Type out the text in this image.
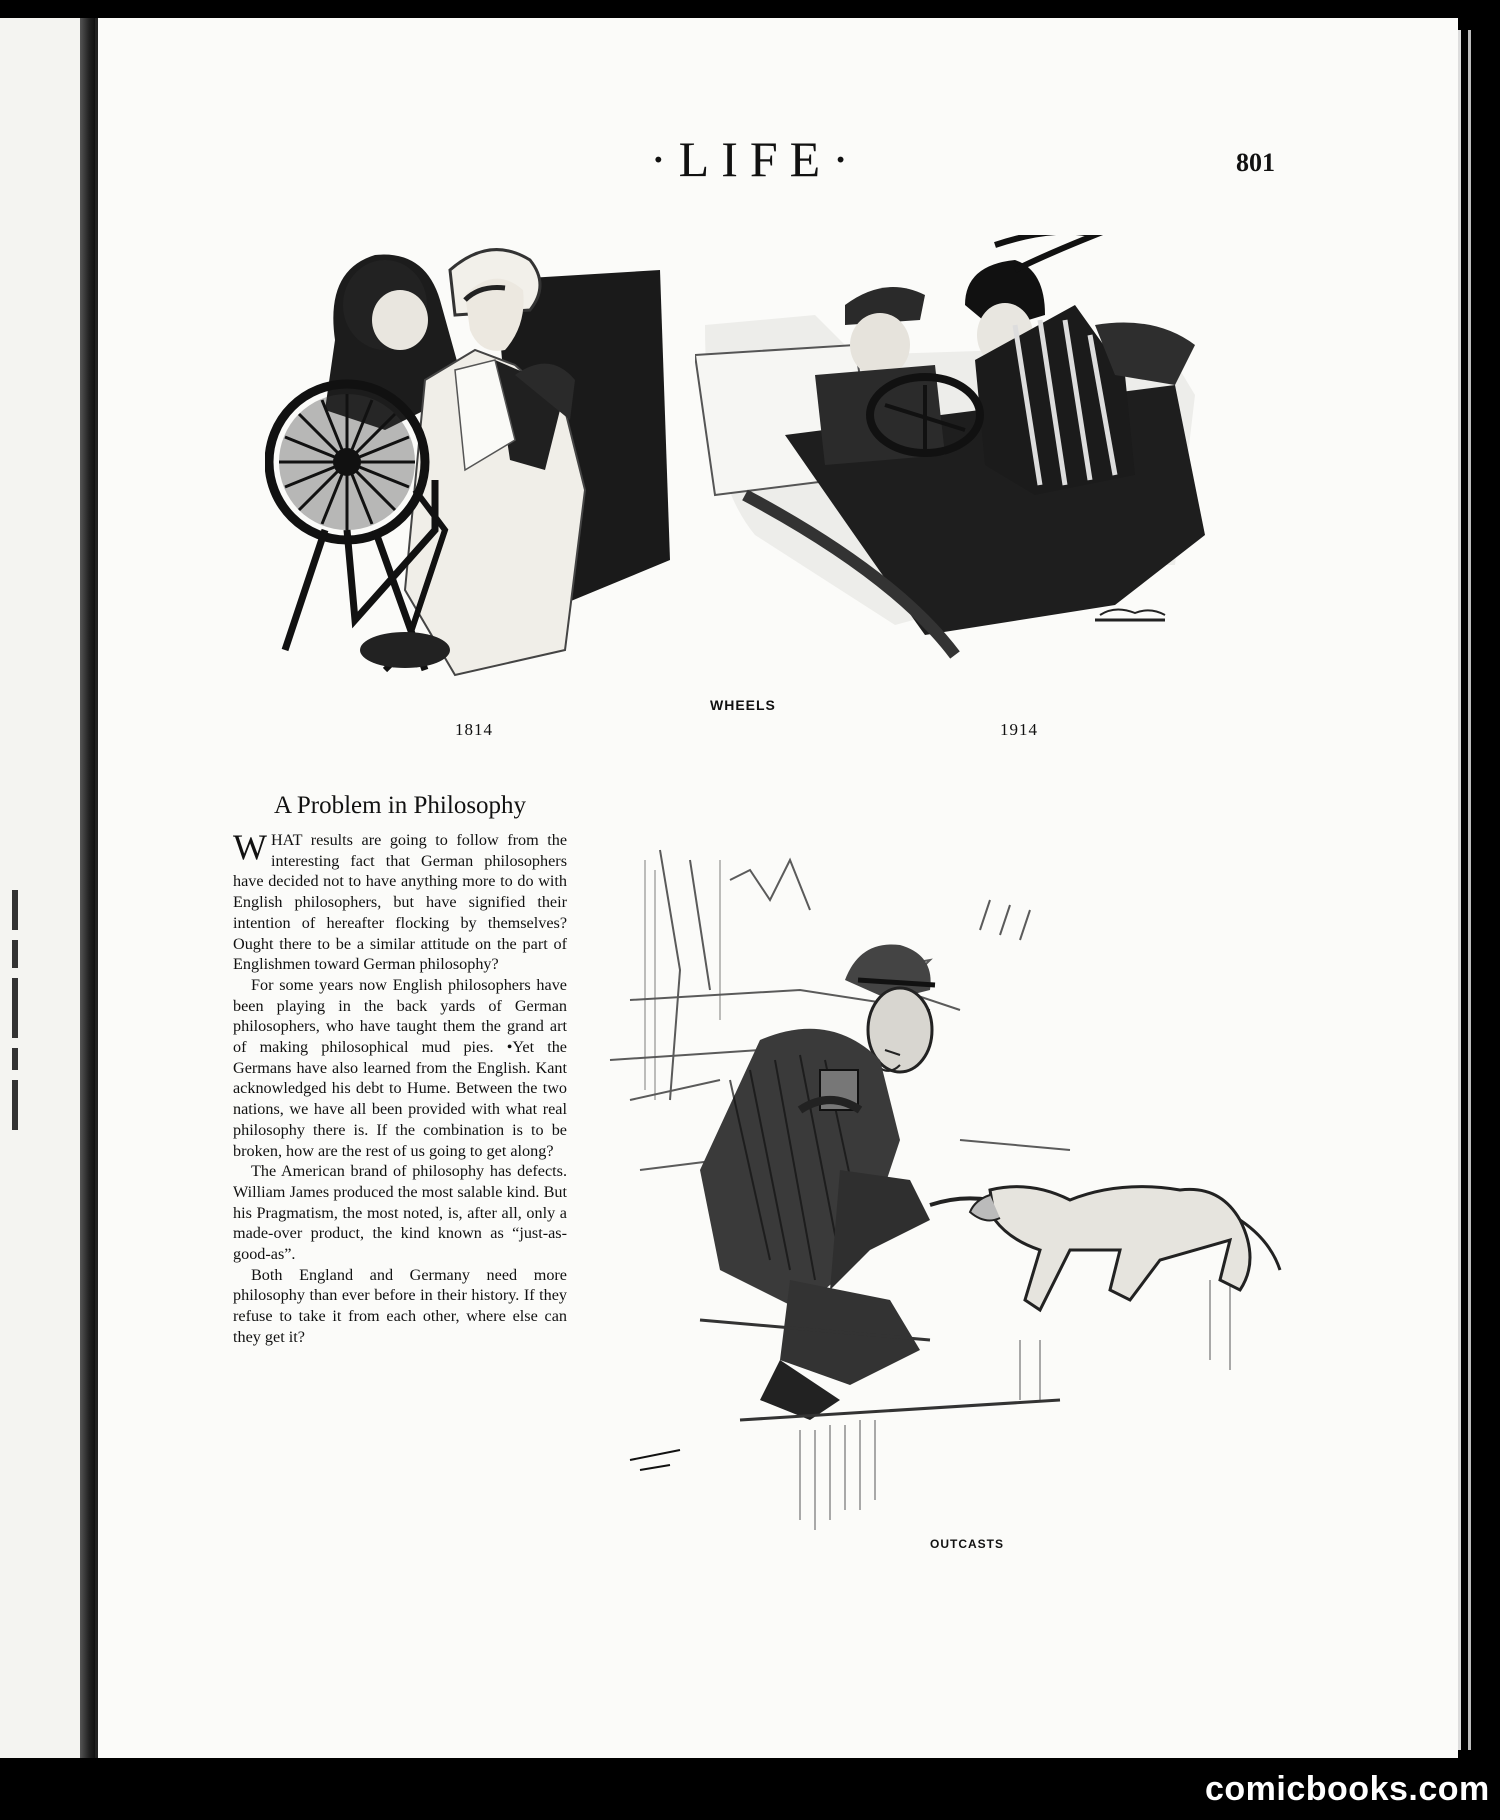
·LIFE·	801
1814
WHEELS
1914
OUTCASTS
A Problem in Philosophy

WHAT results are going to follow from the interesting fact that German philosophers have decided not to have anything more to do with English philosophers, but have signified their intention of hereafter flocking by themselves? Ought there to be a similar attitude on the part of Englishmen toward German philosophy?

For some years now English philosophers have been playing in the back yards of German philosophers, who have taught them the grand art of making philosophical mud pies. •Yet the Germans have also learned from the English. Kant acknowledged his debt to Hume. Between the two nations, we have all been provided with what real philosophy there is. If the combination is to be broken, how are the rest of us going to get along?

The American brand of philosophy has defects. William James produced the most salable kind. But his Pragmatism, the most noted, is, after all, only a made-over product, the kind known as “just-as-good-as”.

Both England and Germany need more philosophy than ever before in their history. If they refuse to take it from each other, where else can they get it?

comicbooks.com
